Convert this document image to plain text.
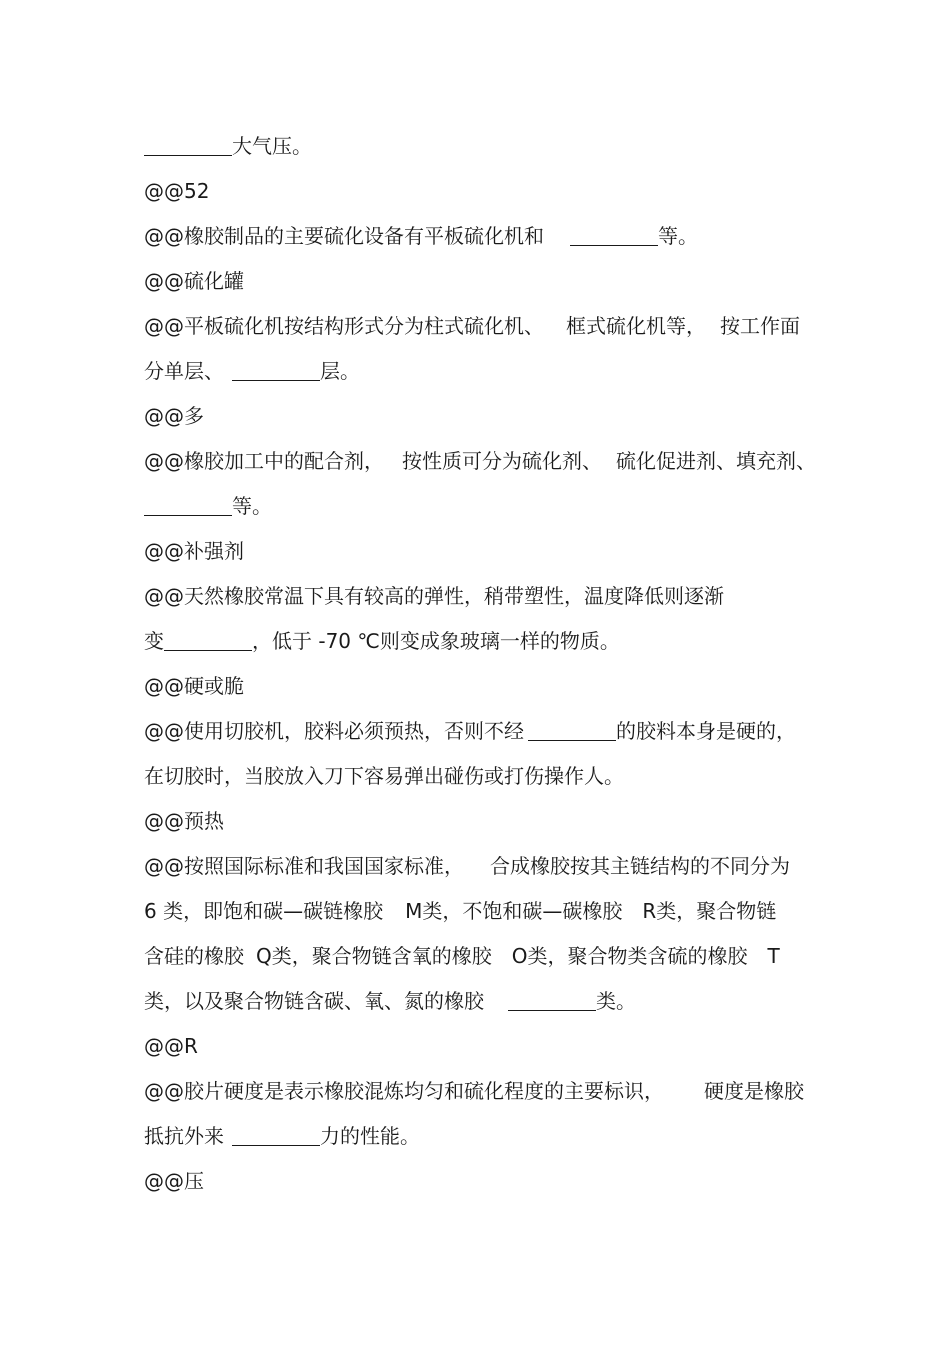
大气压。
@@52
@@橡胶制品的主要硫化设备有平板硫化机和	等。
@@硫化罐
@@平板硫化机按结构形式分为柱式硫化机、 框式硫化机等， 按工作面
分单层、	层。
@@多
@@橡胶加工中的配合剂， 按性质可分为硫化剂、 硫化促进剂、填充剂、
等。
@@补强剂
@@天然橡胶常温下具有较高的弹性，稍带塑性，温度降低则逐渐
变	，低于 -70 ℃则变成象玻璃一样的物质。
@@硬或脆
@@使用切胶机，胶料必须预热，否则不经	的胶料本身是硬的，
在切胶时，当胶放入刀下容易弹出碰伤或打伤操作人。
@@预热
@@按照国际标准和我国国家标准， 合成橡胶按其主链结构的不同分为
6 类，即饱和碳—碳链橡胶 M类，不饱和碳—碳橡胶 R类，聚合物链
含硅的橡胶 Q类，聚合物链含氧的橡胶 O类，聚合物类含硫的橡胶 T
类，以及聚合物链含碳、氧、氮的橡胶	类。
@@R
@@胶片硬度是表示橡胶混炼均匀和硫化程度的主要标识， 硬度是橡胶
抵抗外来	力的性能。
@@压
